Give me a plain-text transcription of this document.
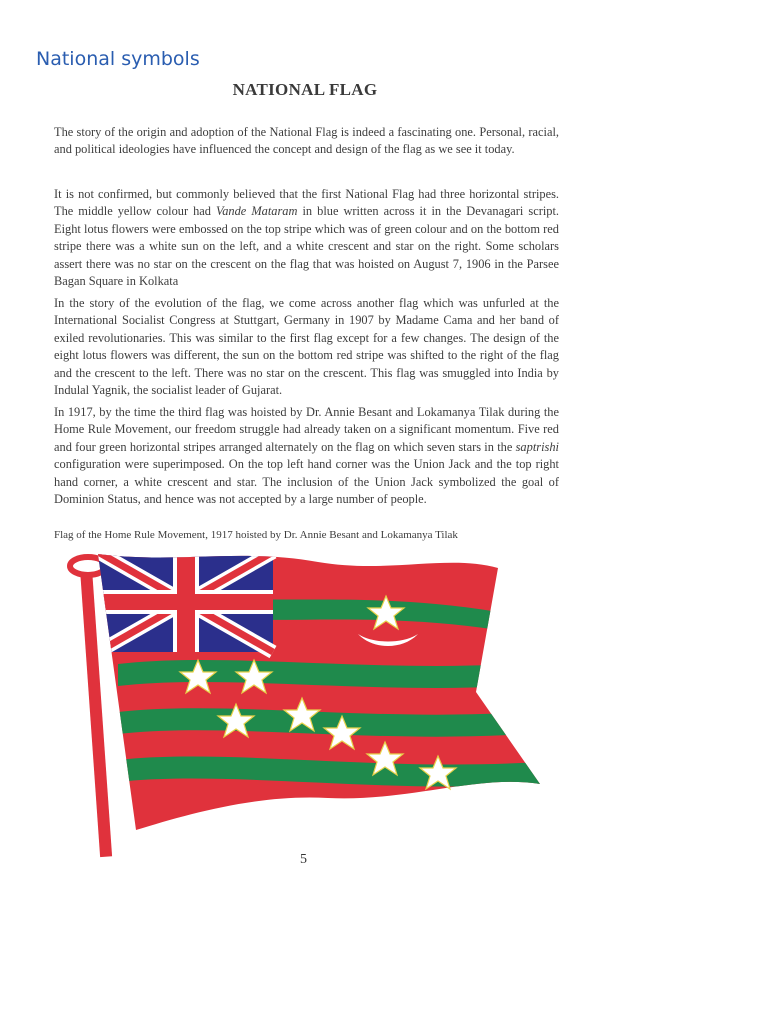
National symbols
NATIONAL FLAG

The story of the origin and adoption of the National Flag is indeed a fascinating one. Personal, racial, and political ideologies have influenced the concept and design of the flag as we see it today.

It is not confirmed, but commonly believed that the first National Flag had three horizontal stripes. The middle yellow colour had Vande Mataram in blue written across it in the Devanagari script. Eight lotus flowers were embossed on the top stripe which was of green colour and on the bottom red stripe there was a white sun on the left, and a white crescent and star on the right. Some scholars assert there was no star on the crescent on the flag that was hoisted on August 7, 1906 in the Parsee Bagan Square in Kolkata

In the story of the evolution of the flag, we come across another flag which was unfurled at the International Socialist Congress at Stuttgart, Germany in 1907 by Madame Cama and her band of exiled revolutionaries. This was similar to the first flag except for a few changes. The design of the eight lotus flowers was different, the sun on the bottom red stripe was shifted to the right of the flag and the crescent to the left. There was no star on the crescent. This flag was smuggled into India by Indulal Yagnik, the socialist leader of Gujarat.

In 1917, by the time the third flag was hoisted by Dr. Annie Besant and Lokamanya Tilak during the Home Rule Movement, our freedom struggle had already taken on a significant momentum. Five red and four green horizontal stripes arranged alternately on the flag on which seven stars in the saptrishi configuration were superimposed. On the top left hand corner was the Union Jack and the top right hand corner, a white crescent and star. The inclusion of the Union Jack symbolized the goal of Dominion Status, and hence was not accepted by a large number of people.

Flag of the Home Rule Movement, 1917 hoisted by Dr. Annie Besant and Lokamanya Tilak

5
